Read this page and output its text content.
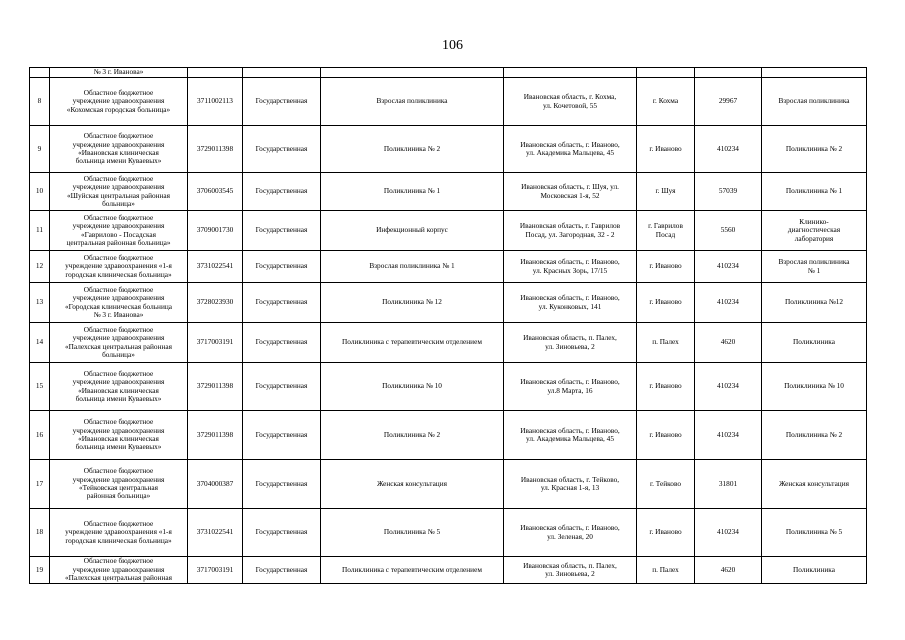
106
	№ 3 г. Иванова»							
8	Областное бюджетное
учреждение здравоохранения
«Кохомская городская больница»	3711002113	Государственная	Взрослая поликлиника	Ивановская область, г. Кохма,
ул. Кочетовой, 55	г. Кохма	29967	Взрослая поликлиника
9	Областное бюджетное
учреждение здравоохранения
«Ивановская клиническая
больница имени Куваевых»	3729011398	Государственная	Поликлиника № 2	Ивановская область, г. Иваново,
ул. Академика Мальцева, 45	г. Иваново	410234	Поликлиника № 2
10	Областное бюджетное
учреждение здравоохранения
«Шуйская центральная районная
больница»	3706003545	Государственная	Поликлиника № 1	Ивановская область, г. Шуя, ул.
Московская 1-я, 52	г. Шуя	57039	Поликлиника № 1
11	Областное бюджетное
учреждение здравоохранения
«Гаврилово - Посадская
центральная районная больница»	3709001730	Государственная	Инфекционный корпус	Ивановская область, г. Гаврилов
Посад, ул. Загородная, 32 - 2	г. Гаврилов Посад	5560	Клинико-
диагностическая
лаборатория
12	Областное бюджетное
учреждение здравоохранения «1-я
городская клиническая больница»	3731022541	Государственная	Взрослая поликлиника № 1	Ивановская область, г. Иваново,
ул. Красных Зорь, 17/15	г. Иваново	410234	Взрослая поликлиника
№ 1
13	Областное бюджетное
учреждение здравоохранения
«Городская клиническая больница
№ 3 г. Иванова»	3728023930	Государственная	Поликлиника № 12	Ивановская область, г. Иваново,
ул. Куконковых, 141	г. Иваново	410234	Поликлиника №12
14	Областное бюджетное
учреждение здравоохранения
«Палехская центральная районная
больница»	3717003191	Государственная	Поликлиника с терапевтическим отделением	Ивановская область, п. Палех,
ул. Зиновьева, 2	п. Палех	4620	Поликлиника
15	Областное бюджетное
учреждение здравоохранения
«Ивановская клиническая
больница имени Куваевых»	3729011398	Государственная	Поликлиника № 10	Ивановская область, г. Иваново,
ул.8 Марта, 16	г. Иваново	410234	Поликлиника № 10
16	Областное бюджетное
учреждение здравоохранения
«Ивановская клиническая
больница имени Куваевых»	3729011398	Государственная	Поликлиника № 2	Ивановская область, г. Иваново,
ул. Академика Мальцева, 45	г. Иваново	410234	Поликлиника № 2
17	Областное бюджетное
учреждение здравоохранения
«Тейковская центральная
районная больница»	3704000387	Государственная	Женская консультация	Ивановская область, г. Тейково,
ул. Красная 1-я, 13	г. Тейково	31801	Женская консультация
18	Областное бюджетное
учреждение здравоохранения «1-я
городская клиническая больница»	3731022541	Государственная	Поликлиника № 5	Ивановская область, г. Иваново,
ул. Зеленая, 20	г. Иваново	410234	Поликлиника № 5
19	Областное бюджетное
учреждение здравоохранения
«Палехская центральная районная	3717003191	Государственная	Поликлиника с терапевтическим отделением	Ивановская область, п. Палех,
ул. Зиновьева, 2	п. Палех	4620	Поликлиника
